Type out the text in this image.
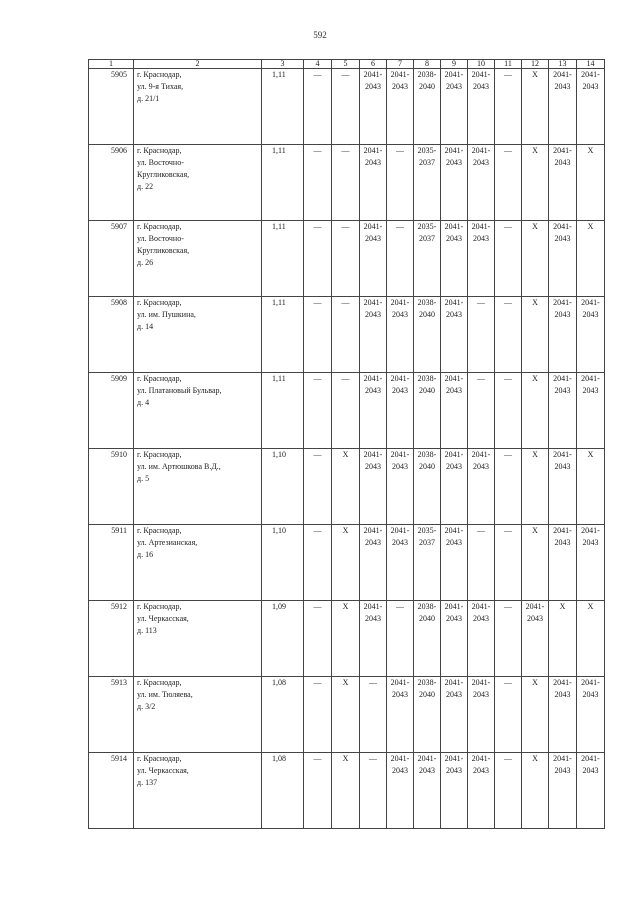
592
1	2	3	4	5	6	7	8	9	10	11	12	13	14
5905	г. Краснодар,
ул. 9-я Тихая,
д. 21/1	1,11	—	—	2041-
2043	2041-
2043	2038-
2040	2041-
2043	2041-
2043	—	X	2041-
2043	2041-
2043
5906	г. Краснодар,
ул. Восточно-
Кругликовская,
д. 22	1,11	—	—	2041-
2043	—	2035-
2037	2041-
2043	2041-
2043	—	X	2041-
2043	X
5907	г. Краснодар,
ул. Восточно-
Кругликовская,
д. 26	1,11	—	—	2041-
2043	—	2035-
2037	2041-
2043	2041-
2043	—	X	2041-
2043	X
5908	г. Краснодар,
ул. им. Пушкина,
д. 14	1,11	—	—	2041-
2043	2041-
2043	2038-
2040	2041-
2043	—	—	X	2041-
2043	2041-
2043
5909	г. Краснодар,
ул. Платановый Бульвар,
д. 4	1,11	—	—	2041-
2043	2041-
2043	2038-
2040	2041-
2043	—	—	X	2041-
2043	2041-
2043
5910	г. Краснодар,
ул. им. Артюшкова В.Д.,
д. 5	1,10	—	X	2041-
2043	2041-
2043	2038-
2040	2041-
2043	2041-
2043	—	X	2041-
2043	X
5911	г. Краснодар,
ул. Артезианская,
д. 16	1,10	—	X	2041-
2043	2041-
2043	2035-
2037	2041-
2043	—	—	X	2041-
2043	2041-
2043
5912	г. Краснодар,
ул. Черкасская,
д. 113	1,09	—	X	2041-
2043	—	2038-
2040	2041-
2043	2041-
2043	—	2041-
2043	X	X
5913	г. Краснодар,
ул. им. Тюляева,
д. 3/2	1,08	—	X	—	2041-
2043	2038-
2040	2041-
2043	2041-
2043	—	X	2041-
2043	2041-
2043
5914	г. Краснодар,
ул. Черкасская,
д. 137	1,08	—	X	—	2041-
2043	2041-
2043	2041-
2043	2041-
2043	—	X	2041-
2043	2041-
2043
